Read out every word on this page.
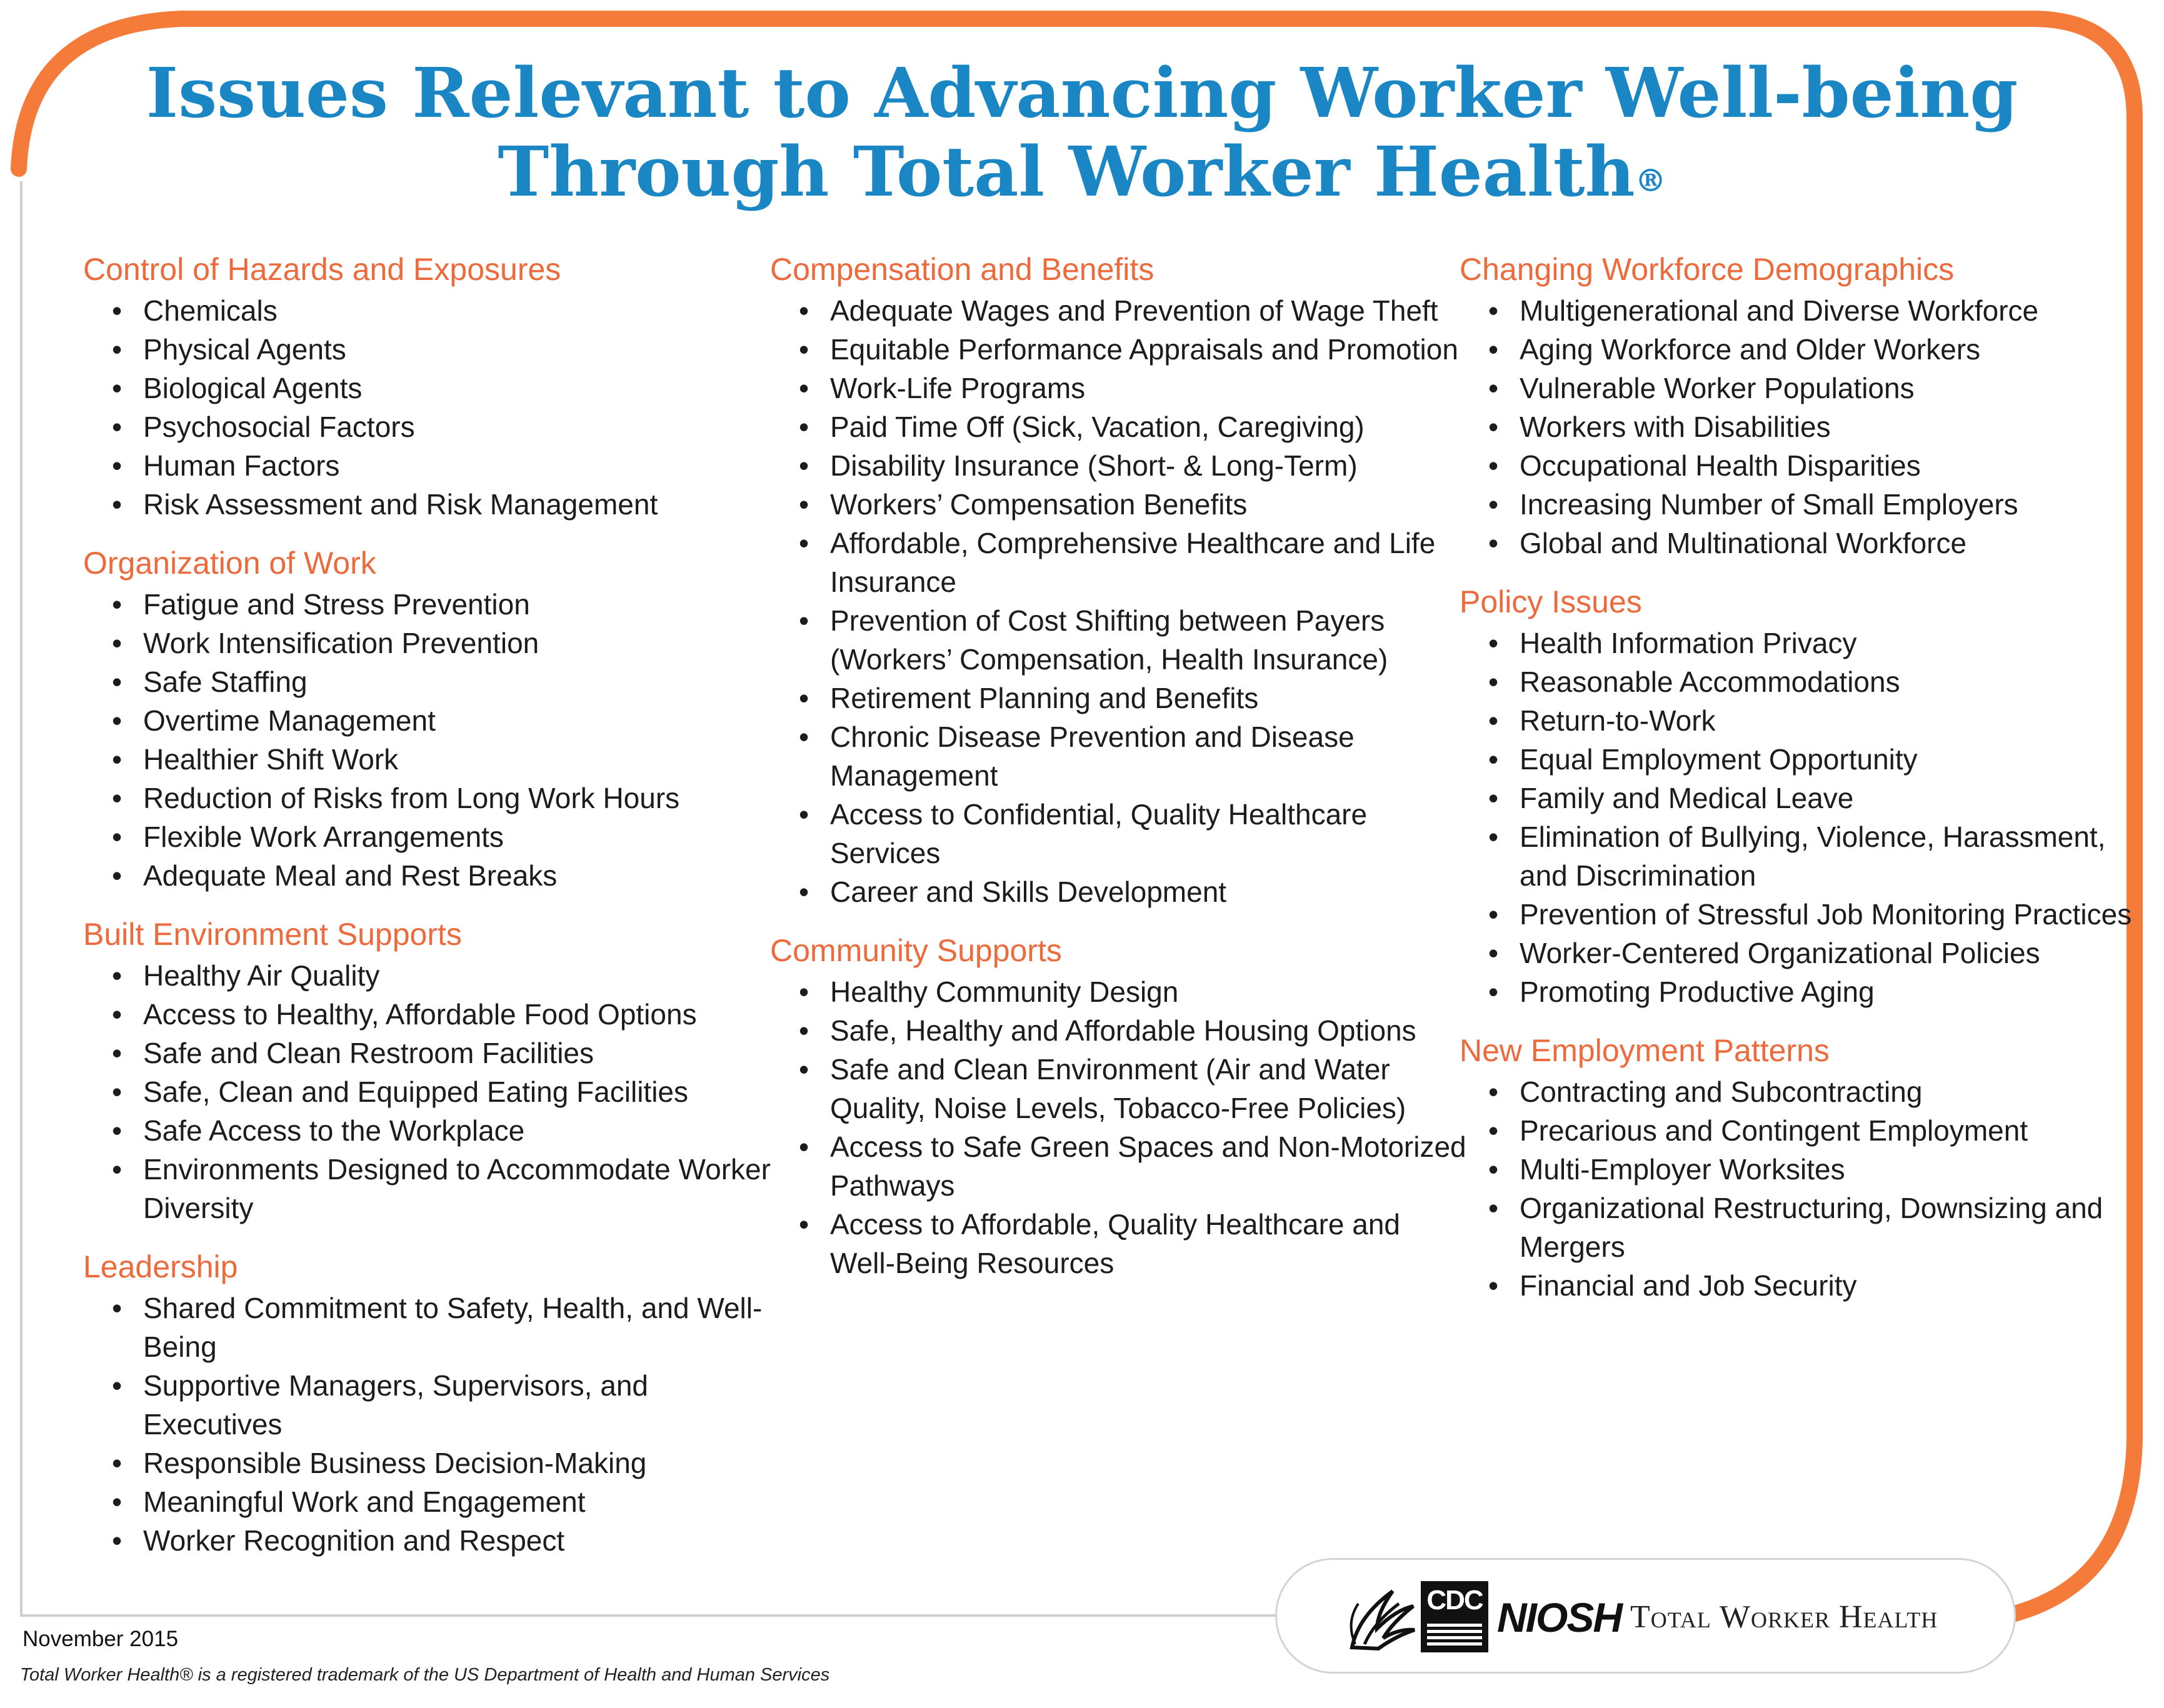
Issues Relevant to Advancing Worker Well-being
Through Total Worker Health®
Control of Hazards and Exposures
• Chemicals
• Physical Agents
• Biological Agents
• Psychosocial Factors
• Human Factors
• Risk Assessment and Risk Management
Organization of Work
• Fatigue and Stress Prevention
• Work Intensification Prevention
• Safe Staffing
• Overtime Management
• Healthier Shift Work
• Reduction of Risks from Long Work Hours
• Flexible Work Arrangements
• Adequate Meal and Rest Breaks
Built Environment Supports
• Healthy Air Quality
• Access to Healthy, Affordable Food Options
• Safe and Clean Restroom Facilities
• Safe, Clean and Equipped Eating Facilities
• Safe Access to the Workplace
• Environments Designed to Accommodate Worker Diversity
Leadership
• Shared Commitment to Safety, Health, and Well-Being
• Supportive Managers, Supervisors, and Executives
• Responsible Business Decision-Making
• Meaningful Work and Engagement
• Worker Recognition and Respect
Compensation and Benefits
• Adequate Wages and Prevention of Wage Theft
• Equitable Performance Appraisals and Promotion
• Work-Life Programs
• Paid Time Off (Sick, Vacation, Caregiving)
• Disability Insurance (Short- & Long-Term)
• Workers’ Compensation Benefits
• Affordable, Comprehensive Healthcare and Life Insurance
• Prevention of Cost Shifting between Payers (Workers’ Compensation, Health Insurance)
• Retirement Planning and Benefits
• Chronic Disease Prevention and Disease Management
• Access to Confidential, Quality Healthcare Services
• Career and Skills Development
Community Supports
• Healthy Community Design
• Safe, Healthy and Affordable Housing Options
• Safe and Clean Environment (Air and Water Quality, Noise Levels, Tobacco-Free Policies)
• Access to Safe Green Spaces and Non-Motorized Pathways
• Access to Affordable, Quality Healthcare and Well-Being Resources
Changing Workforce Demographics
• Multigenerational and Diverse Workforce
• Aging Workforce and Older Workers
• Vulnerable Worker Populations
• Workers with Disabilities
• Occupational Health Disparities
• Increasing Number of Small Employers
• Global and Multinational Workforce
Policy Issues
• Health Information Privacy
• Reasonable Accommodations
• Return-to-Work
• Equal Employment Opportunity
• Family and Medical Leave
• Elimination of Bullying, Violence, Harassment, and Discrimination
• Prevention of Stressful Job Monitoring Practices
• Worker-Centered Organizational Policies
• Promoting Productive Aging
New Employment Patterns
• Contracting and Subcontracting
• Precarious and Contingent Employment
• Multi-Employer Worksites
• Organizational Restructuring, Downsizing and Mergers
• Financial and Job Security
November 2015
Total Worker Health® is a registered trademark of the US Department of Health and Human Services
CDC NIOSH Total Worker Health
